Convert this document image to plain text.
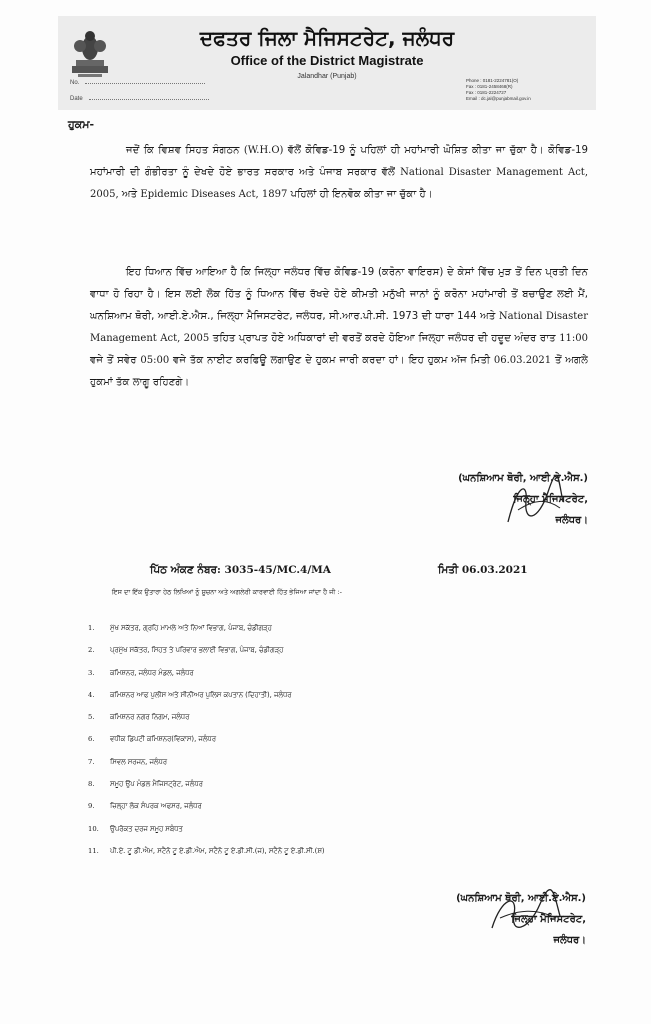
ਦਫਤਰ ਜਿਲਾ ਮੈਜਿਸਟਰੇਟ, ਜਲੰਧਰ
Office of the District Magistrate
Jalandhar (Punjab)
No.
Date
Phone : 0181-2224781(O)
Fax : 0181-2458468(R)
Fax : 0181-2224727
Email : dc.jal@punjabmail.gov.in
ਹੁਕਮ-
ਜਦੋਂ ਕਿ ਵਿਸ਼ਵ ਸਿਹਤ ਸੰਗਠਨ (W.H.O) ਵੱਲੋਂ ਕੋਵਿਡ-19 ਨੂੰ ਪਹਿਲਾਂ ਹੀ ਮਹਾਂਮਾਰੀ ਘੋਸ਼ਿਤ ਕੀਤਾ ਜਾ ਚੁੱਕਾ ਹੈ। ਕੋਵਿਡ-19 ਮਹਾਂਮਾਰੀ ਦੀ ਗੰਭੀਰਤਾ ਨੂੰ ਦੇਖਦੇ ਹੋਏ ਭਾਰਤ ਸਰਕਾਰ ਅਤੇ ਪੰਜਾਬ ਸਰਕਾਰ ਵੱਲੋਂ National Disaster Management Act, 2005, ਅਤੇ Epidemic Diseases Act, 1897 ਪਹਿਲਾਂ ਹੀ ਇਨਵੋਕ ਕੀਤਾ ਜਾ ਚੁੱਕਾ ਹੈ।
ਇਹ ਧਿਆਨ ਵਿੱਚ ਆਇਆ ਹੈ ਕਿ ਜਿਲ੍ਹਾ ਜਲੰਧਰ ਵਿੱਚ ਕੋਵਿਡ-19 (ਕਰੋਨਾ ਵਾਇਰਸ) ਦੇ ਕੇਸਾਂ ਵਿੱਚ ਮੁੜ ਤੋਂ ਦਿਨ ਪ੍ਰਤੀ ਦਿਨ ਵਾਧਾ ਹੋ ਰਿਹਾ ਹੈ। ਇਸ ਲਈ ਲੋਕ ਹਿੱਤ ਨੂੰ ਧਿਆਨ ਵਿੱਚ ਰੱਖਦੇ ਹੋਏ ਕੀਮਤੀ ਮਨੁੱਖੀ ਜਾਨਾਂ ਨੂੰ ਕਰੋਨਾ ਮਹਾਂਮਾਰੀ ਤੋਂ ਬਚਾਉਣ ਲਈ ਮੈਂ, ਘਨਸ਼ਿਆਮ ਥੋਰੀ, ਆਈ.ਏ.ਐਸ., ਜਿਲ੍ਹਾ ਮੈਜਿਸਟਰੇਟ, ਜਲੰਧਰ, ਸੀ.ਆਰ.ਪੀ.ਸੀ. 1973 ਦੀ ਧਾਰਾ 144 ਅਤੇ National Disaster Management Act, 2005 ਤਹਿਤ ਪ੍ਰਾਪਤ ਹੋਏ ਅਧਿਕਾਰਾਂ ਦੀ ਵਰਤੋਂ ਕਰਦੇ ਹੋਇਆ ਜਿਲ੍ਹਾ ਜਲੰਧਰ ਦੀ ਹਦੂਦ ਅੰਦਰ ਰਾਤ 11:00 ਵਜੇ ਤੋਂ ਸਵੇਰ 05:00 ਵਜੇ ਤੱਕ ਨਾਈਟ ਕਰਫਿਊ ਲਗਾਉਣ ਦੇ ਹੁਕਮ ਜਾਰੀ ਕਰਦਾ ਹਾਂ। ਇਹ ਹੁਕਮ ਅੱਜ ਮਿਤੀ 06.03.2021 ਤੋਂ ਅਗਲੇ ਹੁਕਮਾਂ ਤੱਕ ਲਾਗੂ ਰਹਿਣਗੇ।
(ਘਨਸ਼ਿਆਮ ਥੋਰੀ, ਆਈ.ਏ.ਐਸ.)
ਜਿਲ੍ਹਾ ਮੈਜਿਸਟਰੇਟ,
ਜਲੰਧਰ।
ਪਿੱਠ ਅੰਕਣ ਨੰਬਰ: 3035-45/MC.4/MA	ਮਿਤੀ 06.03.2021
ਇਸ ਦਾ ਇੱਕ ਉਤਾਰਾ ਹੇਠ ਲਿਖਿਆਂ ਨੂੰ ਸੂਚਨਾ ਅਤੇ ਅਗਲੇਰੀ ਕਾਰਵਾਈ ਹਿੱਤ ਭੇਜਿਆ ਜਾਂਦਾ ਹੈ ਜੀ :-
1. ਮੁੱਖ ਸਕੱਤਰ, ਗ੍ਰਹਿ ਮਾਮਲੇ ਅਤੇ ਨਿਆਂ ਵਿਭਾਗ, ਪੰਜਾਬ, ਚੰਡੀਗੜ੍ਹ
2. ਪ੍ਰਮੁੱਖ ਸਕੱਤਰ, ਸਿਹਤ ਤੇ ਪਰਿਵਾਰ ਭਲਾਈ ਵਿਭਾਗ, ਪੰਜਾਬ, ਚੰਡੀਗੜ੍ਹ
3. ਕਮਿਸ਼ਨਰ, ਜਲੰਧਰ ਮੰਡਲ, ਜਲੰਧਰ
4. ਕਮਿਸ਼ਨਰ ਆਫ ਪੁਲੀਸ ਅਤੇ ਸੀਨੀਅਰ ਪੁਲਿਸ ਕਪਤਾਨ (ਦਿਹਾਤੀ), ਜਲੰਧਰ
5. ਕਮਿਸ਼ਨਰ ਨਗਰ ਨਿਗਮ, ਜਲੰਧਰ
6. ਵਧੀਕ ਡਿਪਟੀ ਕਮਿਸ਼ਨਰ(ਵਿਕਾਸ), ਜਲੰਧਰ
7. ਸਿਵਲ ਸਰਜਨ, ਜਲੰਧਰ
8. ਸਮੂਹ ਉਪ ਮੰਡਲ ਮੈਜਿਸਟ੍ਰੇਟ, ਜਲੰਧਰ
9. ਜ਼ਿਲ੍ਹਾ ਲੋਕ ਸੰਪਰਕ ਅਫਸਰ, ਜਲੰਧਰ
10. ਉਪਰੋਕਤ ਦਰਜ ਸਮੂਹ ਸਬੰਧਤ
11. ਪੀ.ਏ. ਟੂ ਡੀ.ਐਮ, ਸਟੈਨੋ ਟੂ ਏ.ਡੀ.ਐਮ, ਸਟੈਨੋ ਟੂ ਏ.ਡੀ.ਸੀ.(ਜ), ਸਟੈਨੋ ਟੂ ਏ.ਡੀ.ਸੀ.(ਸ਼)
(ਘਨਸ਼ਿਆਮ ਥੋਰੀ, ਆਈ.ਏ.ਐਸ.)
ਜਿਲ੍ਹਾ ਮੈਜਿਸਟਰੇਟ,
ਜਲੰਧਰ।
